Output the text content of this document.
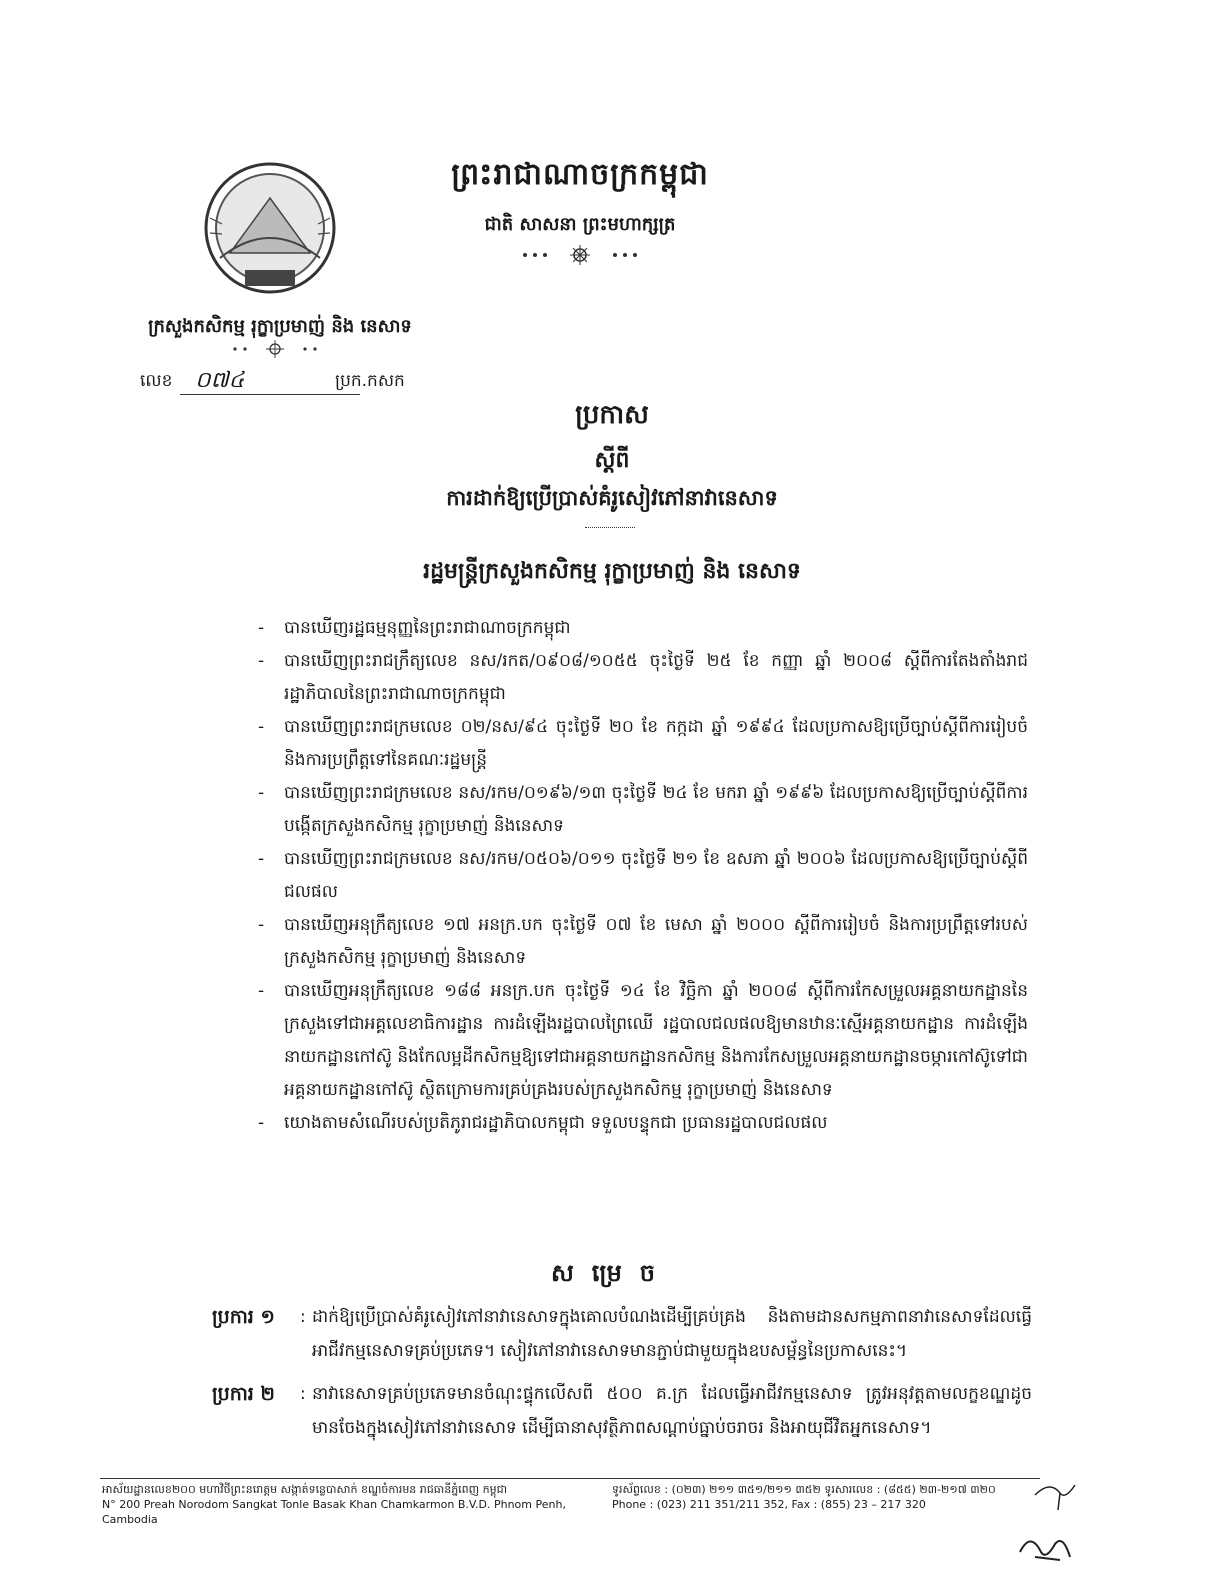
ព្រះរាជាណាចក្រកម្ពុជា
ជាតិ សាសនា ព្រះមហាក្សត្រ
ក្រសួងកសិកម្ម រុក្ខាប្រមាញ់ និង នេសាទ
លេខ ០៧៤	ប្រក.កសក
ប្រកាស
ស្តីពី
ការដាក់ឱ្យប្រើប្រាស់គំរូសៀវភៅនាវានេសាទ
រដ្ឋមន្ត្រីក្រសួងកសិកម្ម រុក្ខាប្រមាញ់ និង នេសាទ
- បានឃើញរដ្ឋធម្មនុញ្ញនៃព្រះរាជាណាចក្រកម្ពុជា
- បានឃើញព្រះរាជក្រឹត្យលេខ នស/រកត/០៩០៨/១០៥៥ ចុះថ្ងៃទី ២៥ ខែ កញ្ញា ឆ្នាំ ២០០៨ ស្តីពីការតែងតាំងរាជរដ្ឋាភិបាលនៃព្រះរាជាណាចក្រកម្ពុជា
- បានឃើញព្រះរាជក្រមលេខ ០២/នស/៩៤ ចុះថ្ងៃទី ២០ ខែ កក្កដា ឆ្នាំ ១៩៩៤ ដែលប្រកាសឱ្យប្រើច្បាប់ស្តីពីការរៀបចំ និងការប្រព្រឹត្តទៅនៃគណៈរដ្ឋមន្ត្រី
- បានឃើញព្រះរាជក្រមលេខ នស/រកម/០១៩៦/១៣ ចុះថ្ងៃទី ២៤ ខែ មករា ឆ្នាំ ១៩៩៦ ដែលប្រកាសឱ្យប្រើច្បាប់ស្តីពីការបង្កើតក្រសួងកសិកម្ម រុក្ខាប្រមាញ់ និងនេសាទ
- បានឃើញព្រះរាជក្រមលេខ នស/រកម/០៥០៦/០១១ ចុះថ្ងៃទី ២១ ខែ ឧសភា ឆ្នាំ ២០០៦ ដែលប្រកាសឱ្យប្រើច្បាប់ស្តីពីជលផល
- បានឃើញអនុក្រឹត្យលេខ ១៧ អនក្រ.បក ចុះថ្ងៃទី ០៧ ខែ មេសា ឆ្នាំ ២០០០ ស្តីពីការរៀបចំ និងការប្រព្រឹត្តទៅរបស់ក្រសួងកសិកម្ម រុក្ខាប្រមាញ់ និងនេសាទ
- បានឃើញអនុក្រឹត្យលេខ ១៨៨ អនក្រ.បក ចុះថ្ងៃទី ១៤ ខែ វិច្ឆិកា ឆ្នាំ ២០០៨ ស្តីពីការកែសម្រួលអគ្គនាយកដ្ឋាននៃក្រសួងទៅជាអគ្គលេខាធិការដ្ឋាន ការដំឡើងរដ្ឋបាលព្រៃឈើ រដ្ឋបាលជលផលឱ្យមានឋានៈស្មើអគ្គនាយកដ្ឋាន ការដំឡើងនាយកដ្ឋានកៅស៊ូ និងកែលម្អដីកសិកម្មឱ្យទៅជាអគ្គនាយកដ្ឋានកសិកម្ម និងការកែសម្រួលអគ្គនាយកដ្ឋានចម្ការកៅស៊ូទៅជាអគ្គនាយកដ្ឋានកៅស៊ូ ស្ថិតក្រោមការគ្រប់គ្រងរបស់ក្រសួងកសិកម្ម រុក្ខាប្រមាញ់ និងនេសាទ
- យោងតាមសំណើរបស់ប្រតិភូរាជរដ្ឋាភិបាលកម្ពុជា ទទួលបន្ទុកជា ប្រធានរដ្ឋបាលជលផល
សម្រេច
ប្រការ ១	: ដាក់ឱ្យប្រើប្រាស់គំរូសៀវភៅនាវានេសាទក្នុងគោលបំណងដើម្បីគ្រប់គ្រង និងតាមដានសកម្មភាពនាវានេសាទដែលធ្វើអាជីវកម្មនេសាទគ្រប់ប្រភេទ។ សៀវភៅនាវានេសាទមានភ្ជាប់ជាមួយក្នុងឧបសម្ព័ន្ធនៃប្រកាសនេះ។
ប្រការ ២	: នាវានេសាទគ្រប់ប្រភេទមានចំណុះផ្ទុកលើសពី ៥០០ គ.ក្រ ដែលធ្វើអាជីវកម្មនេសាទ ត្រូវអនុវត្តតាមលក្ខខណ្ឌដូចមានចែងក្នុងសៀវភៅនាវានេសាទ ដើម្បីធានាសុវត្ថិភាពសណ្តាប់ធ្នាប់ចរាចរ និងអាយុជីវិតអ្នកនេសាទ។
អាស័យដ្ឋានលេខ២០០ មហាវិថីព្រះនរោត្តម សង្កាត់ទន្លេបាសាក់ ខណ្ឌចំការមន រាជធានីភ្នំពេញ កម្ពុជា
N° 200 Preah Norodom Sangkat Tonle Basak Khan Chamkarmon B.V.D. Phnom Penh, Cambodia
ទូរស័ព្ទលេខ : (០២៣) ២១១ ៣៥១/២១១ ៣៥២ ទូរសារលេខ : (៨៥៥) ២៣-២១៧ ៣២០
Phone : (023) 211 351/211 352, Fax : (855) 23 – 217 320
